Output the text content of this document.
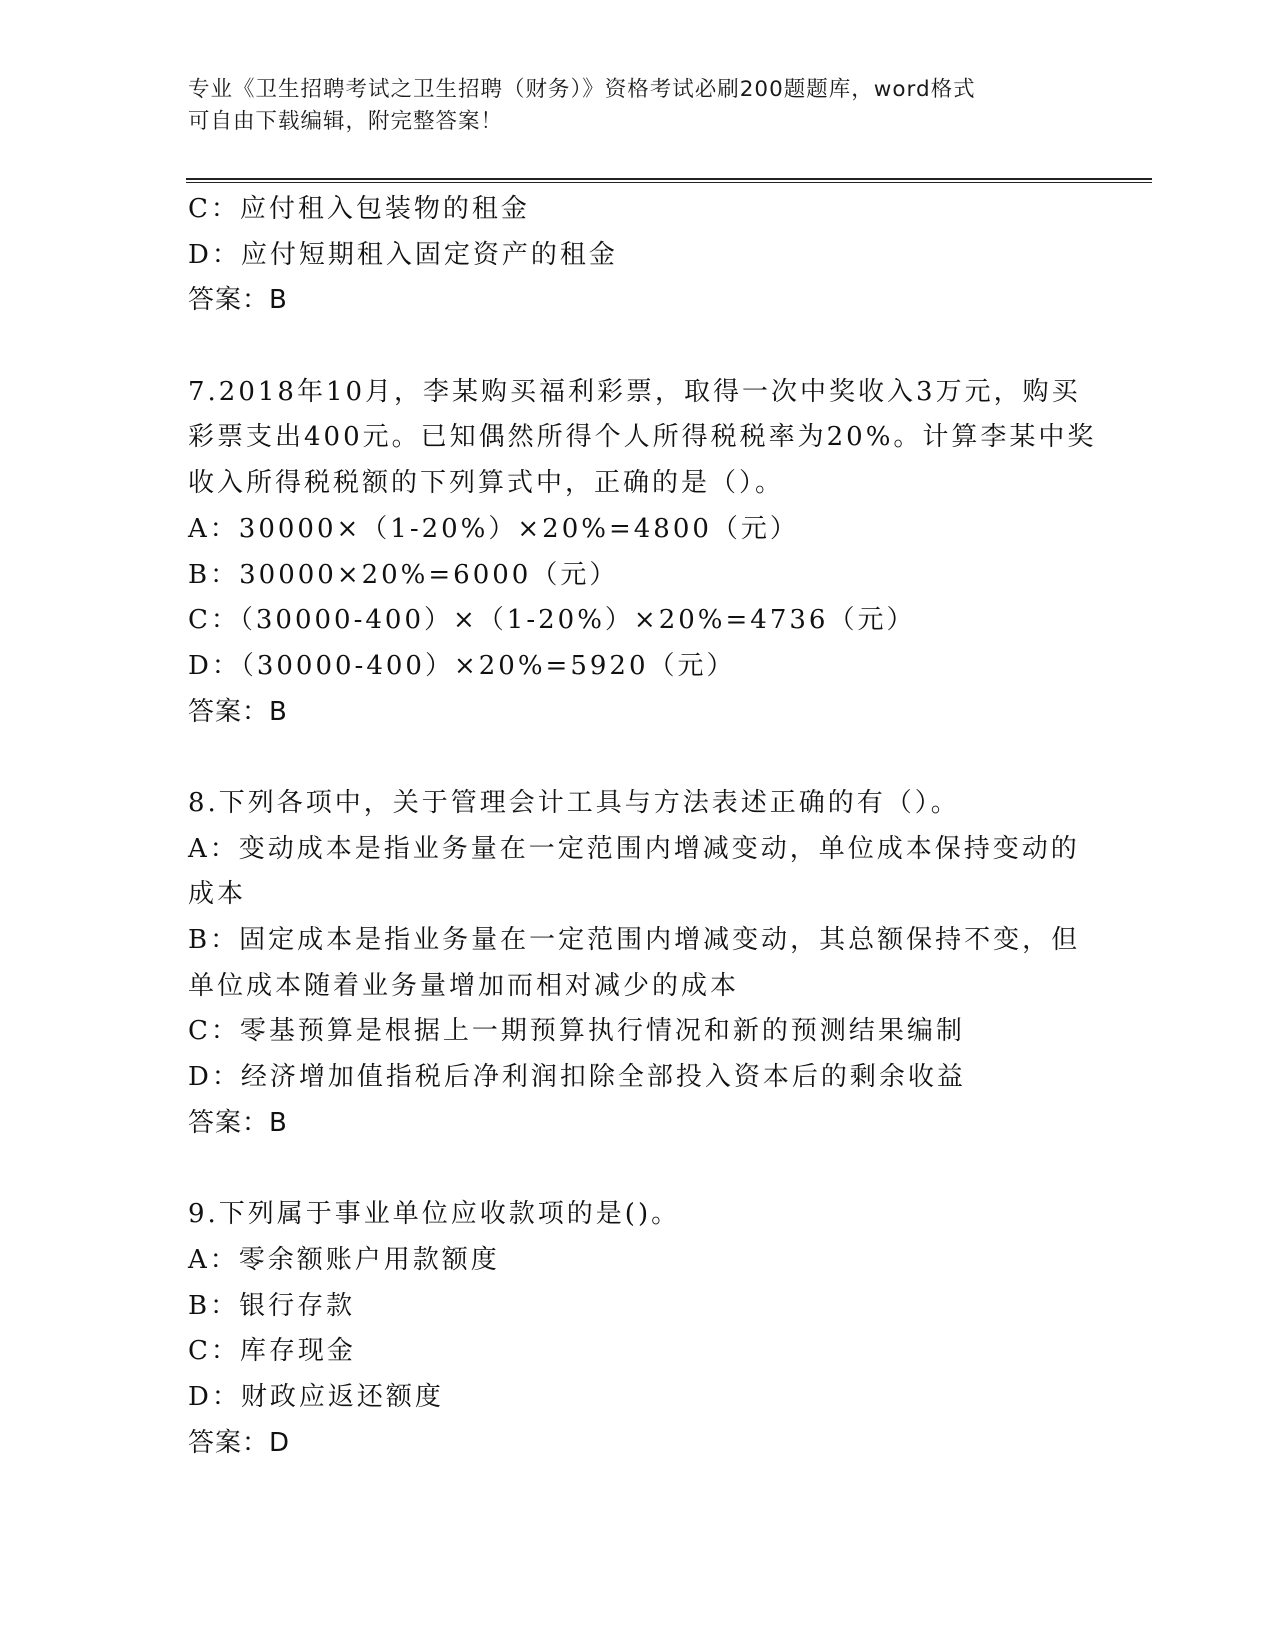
专业《卫生招聘考试之卫生招聘（财务）》资格考试必刷200题题库，word格式
可自由下载编辑，附完整答案！
C：应付租入包装物的租金
D：应付短期租入固定资产的租金
答案：B
7.2018年10月，李某购买福利彩票，取得一次中奖收入3万元，购买
彩票支出400元。已知偶然所得个人所得税税率为20%。计算李某中奖
收入所得税税额的下列算式中，正确的是（）。
A：30000×（1-20%）×20%=4800（元）
B：30000×20%=6000（元）
C：（30000-400）×（1-20%）×20%=4736（元）
D：（30000-400）×20%=5920（元）
答案：B
8.下列各项中，关于管理会计工具与方法表述正确的有（）。
A：变动成本是指业务量在一定范围内增减变动，单位成本保持变动的
成本
B：固定成本是指业务量在一定范围内增减变动，其总额保持不变，但
单位成本随着业务量增加而相对减少的成本
C：零基预算是根据上一期预算执行情况和新的预测结果编制
D：经济增加值指税后净利润扣除全部投入资本后的剩余收益
答案：B
9.下列属于事业单位应收款项的是()。
A：零余额账户用款额度
B：银行存款
C：库存现金
D：财政应返还额度
答案：D
